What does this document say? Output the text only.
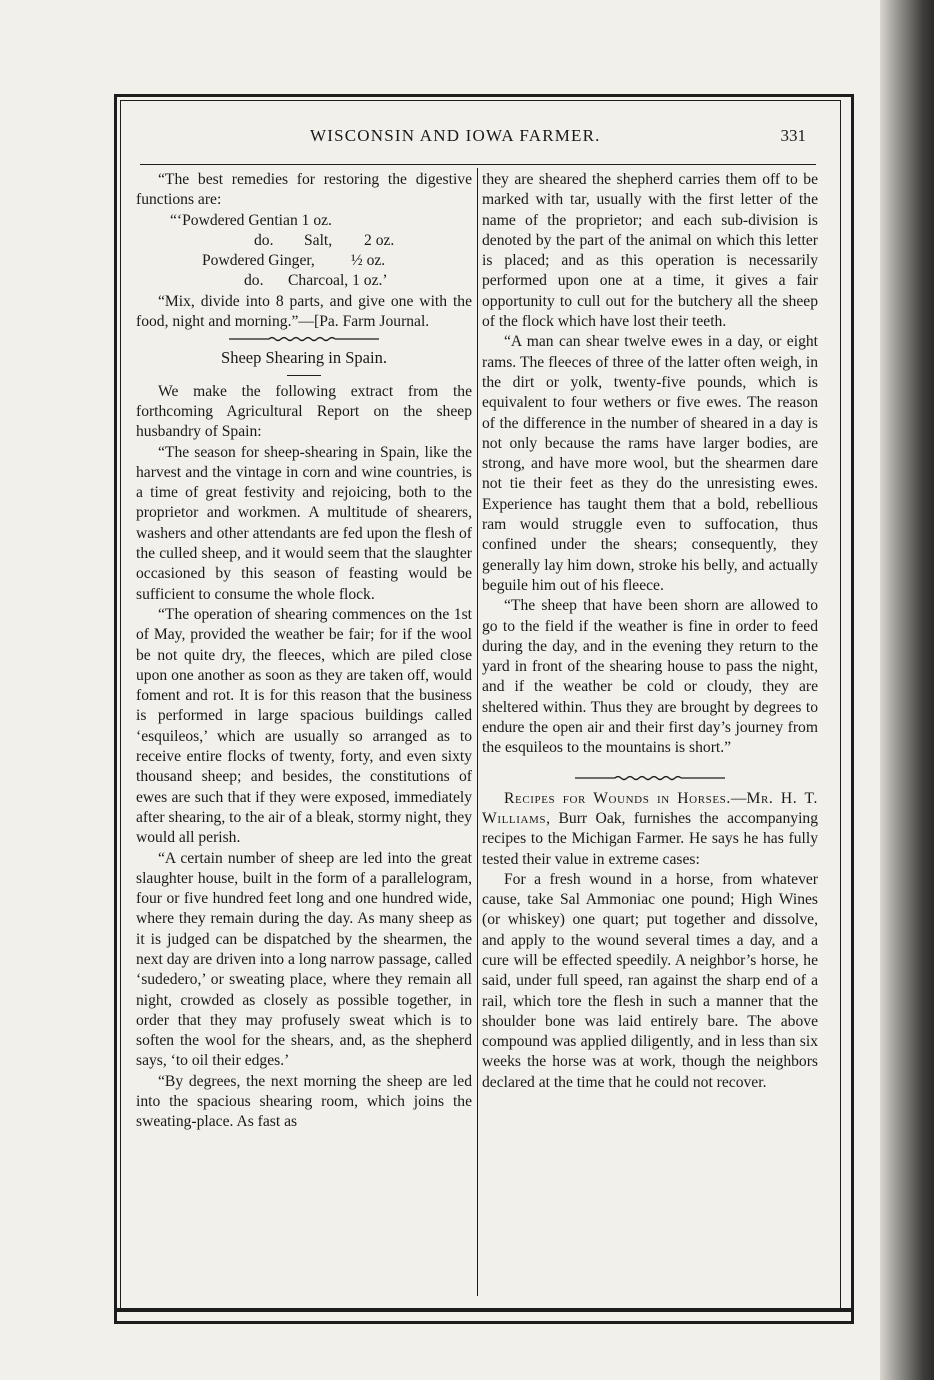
WISCONSIN AND IOWA FARMER.	331

“The best remedies for restoring the digestive functions are:

“‘Powdered Gentian 1 oz.
do. Salt, 2 oz.
Powdered Ginger, ½ oz.
do. Charcoal, 1 oz.’

“Mix, divide into 8 parts, and give one with the food, night and morning.”—[Pa. Farm Journal.

Sheep Shearing in Spain.

We make the following extract from the forthcoming Agricultural Report on the sheep husbandry of Spain:

“The season for sheep-shearing in Spain, like the harvest and the vintage in corn and wine countries, is a time of great festivity and rejoicing, both to the proprietor and workmen. A multitude of shearers, washers and other attendants are fed upon the flesh of the culled sheep, and it would seem that the slaughter occasioned by this season of feasting would be sufficient to consume the whole flock.

“The operation of shearing commences on the 1st of May, provided the weather be fair; for if the wool be not quite dry, the fleeces, which are piled close upon one another as soon as they are taken off, would foment and rot. It is for this reason that the business is performed in large spacious buildings called ‘esquileos,’ which are usually so arranged as to receive entire flocks of twenty, forty, and even sixty thousand sheep; and besides, the constitutions of ewes are such that if they were exposed, immediately after shearing, to the air of a bleak, stormy night, they would all perish.

“A certain number of sheep are led into the great slaughter house, built in the form of a parallelogram, four or five hundred feet long and one hundred wide, where they remain during the day. As many sheep as it is judged can be dispatched by the shearmen, the next day are driven into a long narrow passage, called ‘sudedero,’ or sweating place, where they remain all night, crowded as closely as possible together, in order that they may profusely sweat which is to soften the wool for the shears, and, as the shepherd says, ‘to oil their edges.’

“By degrees, the next morning the sheep are led into the spacious shearing room, which joins the sweating-place. As fast as

they are sheared the shepherd carries them off to be marked with tar, usually with the first letter of the name of the proprietor; and each sub-division is denoted by the part of the animal on which this letter is placed; and as this operation is necessarily performed upon one at a time, it gives a fair opportunity to cull out for the butchery all the sheep of the flock which have lost their teeth.

“A man can shear twelve ewes in a day, or eight rams. The fleeces of three of the latter often weigh, in the dirt or yolk, twenty-five pounds, which is equivalent to four wethers or five ewes. The reason of the difference in the number of sheared in a day is not only because the rams have larger bodies, are strong, and have more wool, but the shearmen dare not tie their feet as they do the unresisting ewes. Experience has taught them that a bold, rebellious ram would struggle even to suffocation, thus confined under the shears; consequently, they generally lay him down, stroke his belly, and actually beguile him out of his fleece.

“The sheep that have been shorn are allowed to go to the field if the weather is fine in order to feed during the day, and in the evening they return to the yard in front of the shearing house to pass the night, and if the weather be cold or cloudy, they are sheltered within. Thus they are brought by degrees to endure the open air and their first day’s journey from the esquileos to the mountains is short.”

Recipes for Wounds in Horses.—Mr. H. T. Williams, Burr Oak, furnishes the accompanying recipes to the Michigan Farmer. He says he has fully tested their value in extreme cases:

For a fresh wound in a horse, from whatever cause, take Sal Ammoniac one pound; High Wines (or whiskey) one quart; put together and dissolve, and apply to the wound several times a day, and a cure will be effected speedily. A neighbor’s horse, he said, under full speed, ran against the sharp end of a rail, which tore the flesh in such a manner that the shoulder bone was laid entirely bare. The above compound was applied diligently, and in less than six weeks the horse was at work, though the neighbors declared at the time that he could not recover.
